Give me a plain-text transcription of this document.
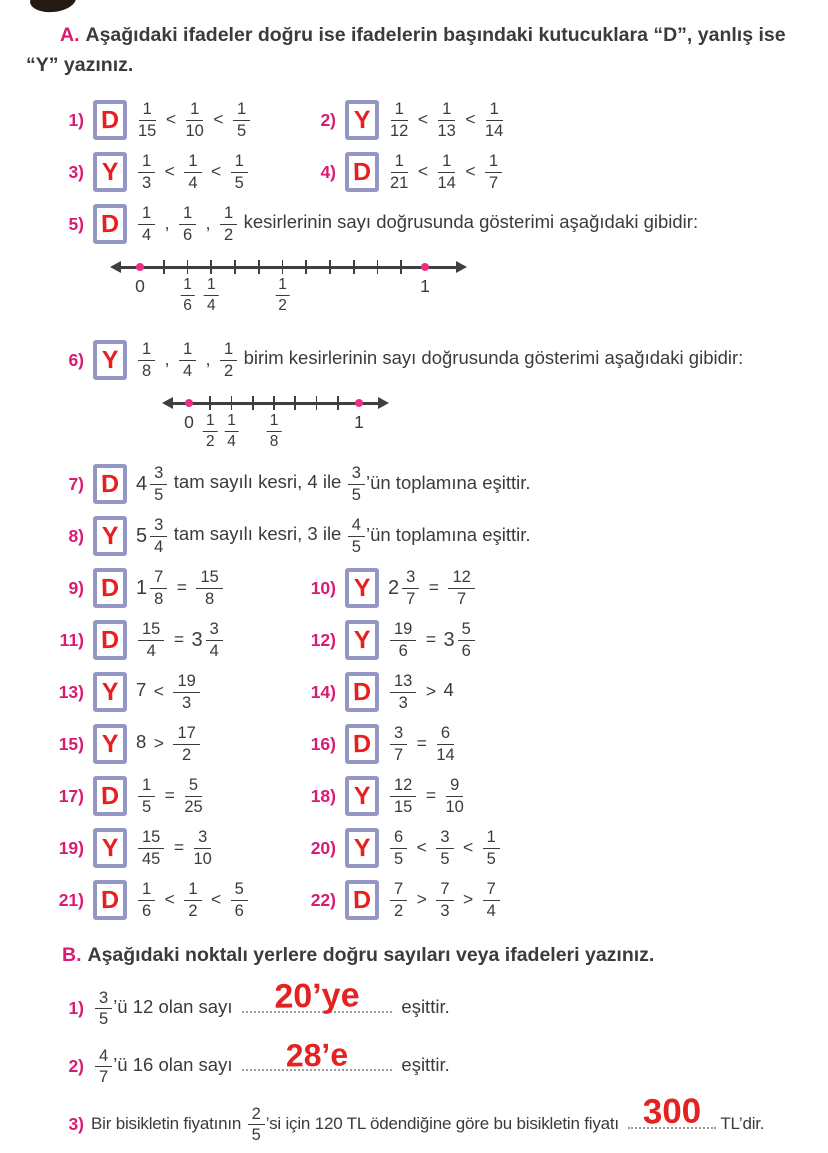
A. Aşağıdaki ifadeler doğru ise ifadelerin başındaki kutucuklara “D”, yanlış ise “Y” yazınız.

1) D $\frac{1}{15} < \frac{1}{10} < \frac{1}{5}$	2) Y $\frac{1}{12} < \frac{1}{13} < \frac{1}{14}$
3) Y $\frac{1}{3} < \frac{1}{4} < \frac{1}{5}$	4) D $\frac{1}{21} < \frac{1}{14} < \frac{1}{7}$
5) D $\frac{1}{4}$ , $\frac{1}{6}$ , $\frac{1}{2}$ kesirlerinin sayı doğrusunda gösterimi aşağıdaki gibidir:
$0 \frac{1}{6} \frac{1}{4}$	$\frac{1}{2}$	1
6) Y $\frac{1}{8}$ , $\frac{1}{4}$ , $\frac{1}{2}$ birim kesirlerinin sayı doğrusunda gösterimi aşağıdaki gibidir:
$0 \frac{1}{2} \frac{1}{4} \frac{1}{8}$	1
7) D $4 \frac{3}{5}$ tam sayılı kesri, 4 ile $\frac{3}{5}$ ’ün toplamına eşittir.
8) Y $5 \frac{3}{4}$ tam sayılı kesri, 3 ile $\frac{4}{5}$ ’ün toplamına eşittir.
9) D $1 \frac{7}{8} = \frac{15}{8}$	10) Y $2 \frac{3}{7} = \frac{12}{7}$
11) D $\frac{15}{4} = 3 \frac{3}{4}$	12) Y $\frac{19}{6} = 3 \frac{5}{6}$
13) Y $7 < \frac{19}{3}$	14) D $\frac{13}{3} > 4$
15) Y $8 > \frac{17}{2}$	16) D $\frac{3}{7} = \frac{6}{14}$
17) D $\frac{1}{5} = \frac{5}{25}$	18) Y $\frac{12}{15} = \frac{9}{10}$
19) Y $\frac{15}{45} = \frac{3}{10}$	20) Y $\frac{6}{5} < \frac{3}{5} < \frac{1}{5}$
21) D $\frac{1}{6} < \frac{1}{2} < \frac{5}{6}$	22) D $\frac{7}{2} > \frac{7}{3} > \frac{7}{4}$

B. Aşağıdaki noktalı yerlere doğru sayıları veya ifadeleri yazınız.

$1) \frac{3}{5}$ ’ü 12 olan sayı 20’ye eşittir.
$2) \frac{4}{7}$ ’ü 16 olan sayı 28’e	eşittir.
3) Bir bisikletin fiyatının $\frac{2}{5}$ ’si için 120 TL ödendiğine göre bu bisikletin fiyatı 300 TL’dir.
